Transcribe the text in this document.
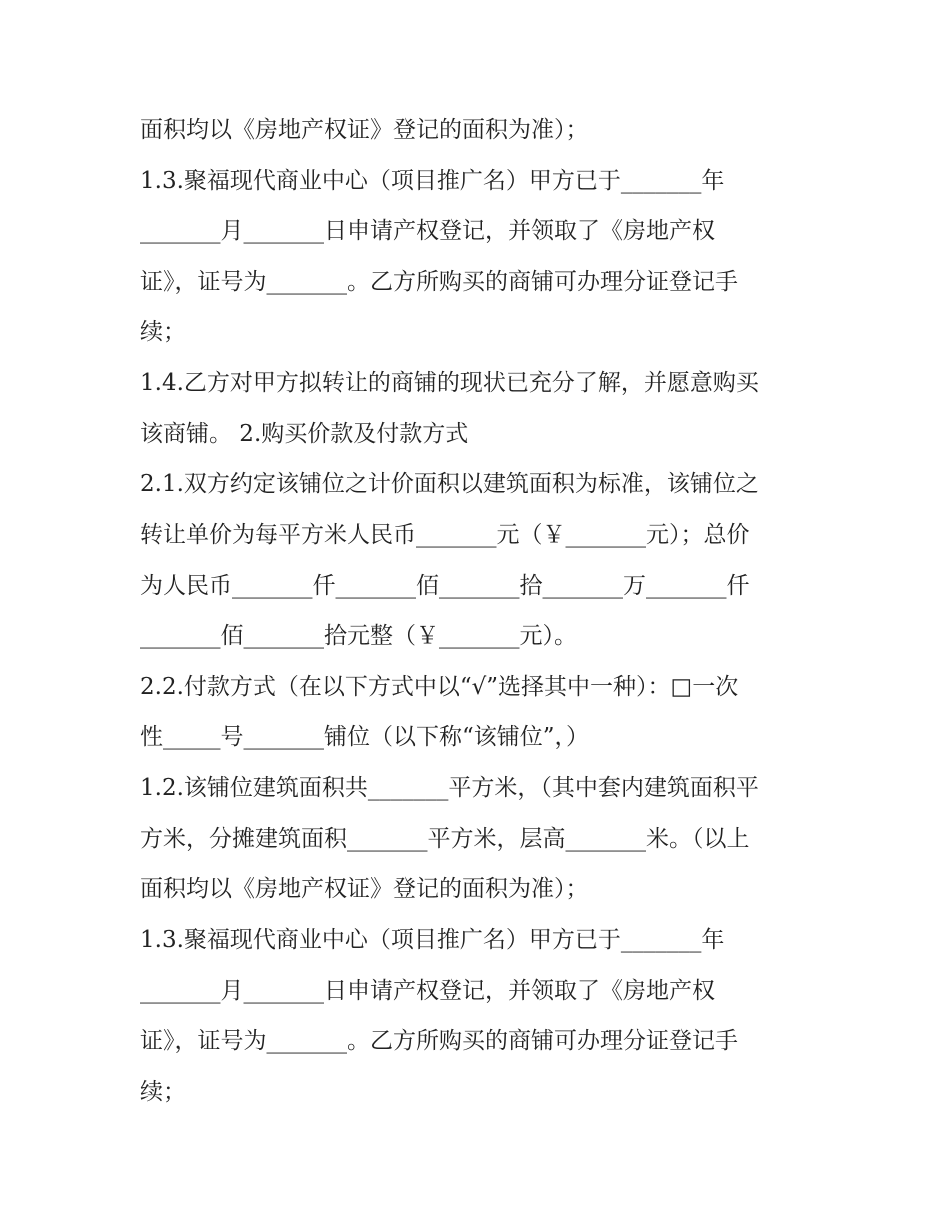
面积均以《房地产权证》登记的面积为准）；
1.3.聚福现代商业中心（项目推广名）甲方已于_______年
_______月_______日申请产权登记，并领取了《房地产权
证》，证号为_______。乙方所购买的商铺可办理分证登记手
续；
1.4.乙方对甲方拟转让的商铺的现状已充分了解，并愿意购买
该商铺。 2.购买价款及付款方式
2.1.双方约定该铺位之计价面积以建筑面积为标准，该铺位之
转让单价为每平方米人民币_______元（￥_______元）；总价
为人民币_______仟_______佰_______拾_______万_______仟
_______佰_______拾元整（￥_______元）。
2.2.付款方式（在以下方式中以“√”选择其中一种）：□一次
性_____号_______铺位（以下称“该铺位”，）
1.2.该铺位建筑面积共_______平方米，（其中套内建筑面积平
方米，分摊建筑面积_______平方米，层高_______米。（以上
面积均以《房地产权证》登记的面积为准）；
1.3.聚福现代商业中心（项目推广名）甲方已于_______年
_______月_______日申请产权登记，并领取了《房地产权
证》，证号为_______。乙方所购买的商铺可办理分证登记手
续；
